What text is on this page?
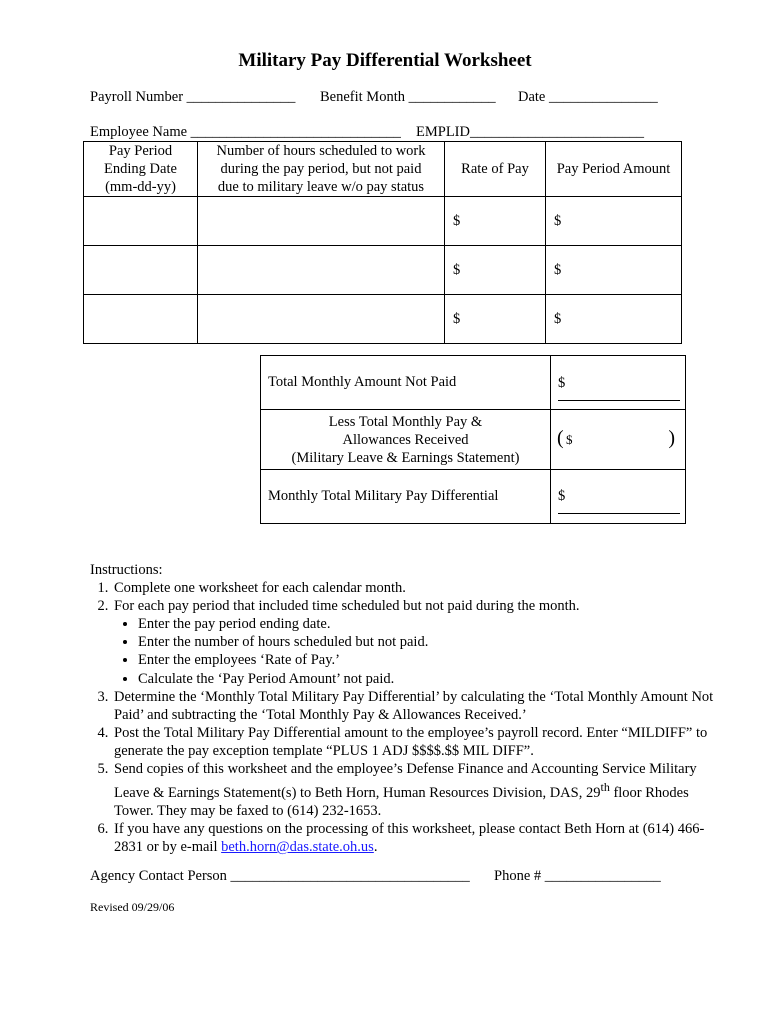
Military Pay Differential Worksheet
Payroll Number _______________ Benefit Month ____________ Date _______________
Employee Name _____________________________ EMPLID________________________
Pay Period
Ending Date
(mm-dd-yy)	Number of hours scheduled to work
during the pay period, but not paid
due to military leave w/o pay status	Rate of Pay	Pay Period Amount
		$	$
		$	$
		$	$
Total Monthly Amount Not Paid	$

Less Total Monthly Pay &
Allowances Received
(Military Leave & Earnings Statement)	( $ )

Monthly Total Military Pay Differential	$
Instructions:
1. Complete one worksheet for each calendar month.
2. For each pay period that included time scheduled but not paid during the month.
• Enter the pay period ending date.
• Enter the number of hours scheduled but not paid.
• Enter the employees ‘Rate of Pay.’
• Calculate the ‘Pay Period Amount’ not paid.
3. Determine the ‘Monthly Total Military Pay Differential’ by calculating the ‘Total Monthly Amount Not Paid’ and subtracting the ‘Total Monthly Pay & Allowances Received.’
4. Post the Total Military Pay Differential amount to the employee’s payroll record. Enter “MILDIFF” to generate the pay exception template “PLUS 1 ADJ $$$$.$$ MIL DIFF”.
5. Send copies of this worksheet and the employee’s Defense Finance and Accounting Service Military Leave & Earnings Statement(s) to Beth Horn, Human Resources Division, DAS, 29th floor Rhodes Tower. They may be faxed to (614) 232-1653.
6. If you have any questions on the processing of this worksheet, please contact Beth Horn at (614) 466-2831 or by e-mail beth.horn@das.state.oh.us.
Agency Contact Person _________________________________ Phone # ________________
Revised 09/29/06
